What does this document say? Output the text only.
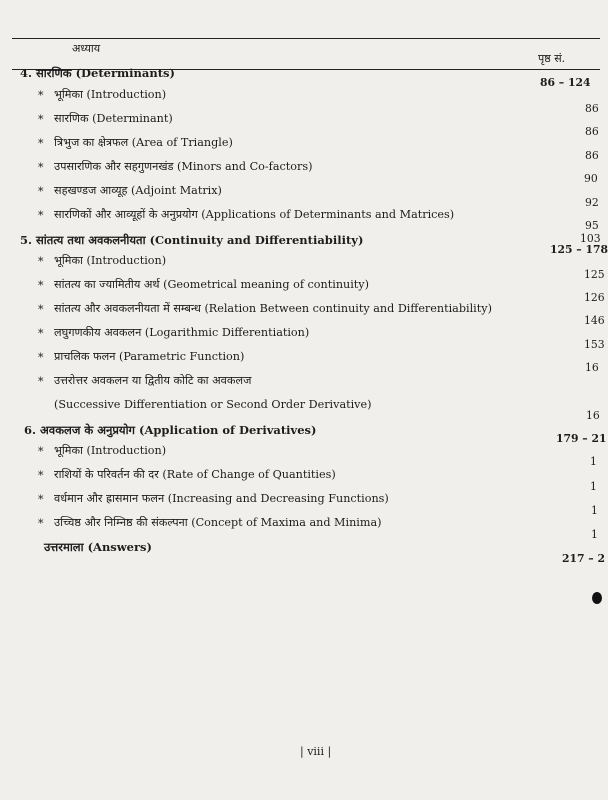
अध्याय
पृष्ठ सं.
4. सारणिक (Determinants)
86 – 124
* भूमिका (Introduction)
86
* सारणिक (Determinant)
86
* त्रिभुज का क्षेत्रफल (Area of Triangle)
86
* उपसारणिक और सहगुणनखंड (Minors and Co-factors)
90
* सहखण्डज आव्यूह (Adjoint Matrix)
92
* सारणिकों और आव्यूहों के अनुप्रयोग (Applications of Determinants and Matrices)
95
103
5. सांतत्य तथा अवकलनीयता (Continuity and Differentiability)
125 – 178
* भूमिका (Introduction)
125
* सांतत्य का ज्यामितीय अर्थ (Geometrical meaning of continuity)
126
* सांतत्य और अवकलनीयता में सम्बन्ध (Relation Between continuity and Differentiability)
146
* लघुगणकीय अवकलन (Logarithmic Differentiation)
153
* प्राचलिक फलन (Parametric Function)
16
* उत्तरोत्तर अवकलन या द्वितीय कोटि का अवकलज
(Successive Differentiation or Second Order Derivative)
16
6. अवकलज के अनुप्रयोग (Application of Derivatives)
179 – 21
* भूमिका (Introduction)
1
* राशियों के परिवर्तन की दर (Rate of Change of Quantities)
1
* वर्धमान और ह्रासमान फलन (Increasing and Decreasing Functions)
1
* उच्चिष्ठ और निम्निष्ठ की संकल्पना (Concept of Maxima and Minima)
1
उत्तरमाला (Answers)
217 – 2
| viii |
